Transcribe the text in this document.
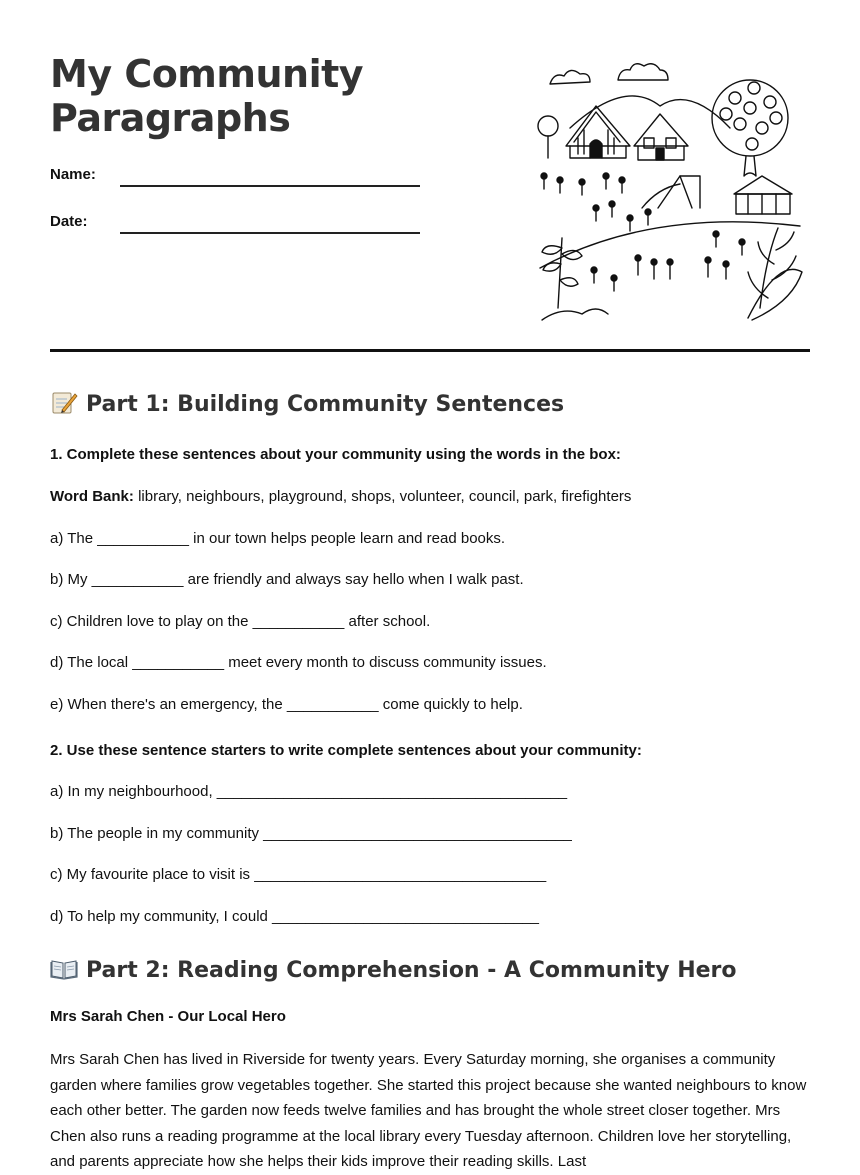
My Community
Paragraphs
Name:
Date:
Part 1: Building Community Sentences
1. Complete these sentences about your community using the words in the box:
Word Bank: library, neighbours, playground, shops, volunteer, council, park, firefighters
a) The ___________ in our town helps people learn and read books.
b) My ___________ are friendly and always say hello when I walk past.
c) Children love to play on the ___________ after school.
d) The local ___________ meet every month to discuss community issues.
e) When there's an emergency, the ___________ come quickly to help.
2. Use these sentence starters to write complete sentences about your community:
a) In my neighbourhood, __________________________________________
b) The people in my community _____________________________________
c) My favourite place to visit is ___________________________________
d) To help my community, I could ________________________________
Part 2: Reading Comprehension - A Community Hero
Mrs Sarah Chen - Our Local Hero

Mrs Sarah Chen has lived in Riverside for twenty years. Every Saturday morning, she organises a community garden where families grow vegetables together. She started this project because she wanted neighbours to know each other better. The garden now feeds twelve families and has brought the whole street closer together. Mrs Chen also runs a reading programme at the local library every Tuesday afternoon. Children love her storytelling, and parents appreciate how she helps their kids improve their reading skills. Last
